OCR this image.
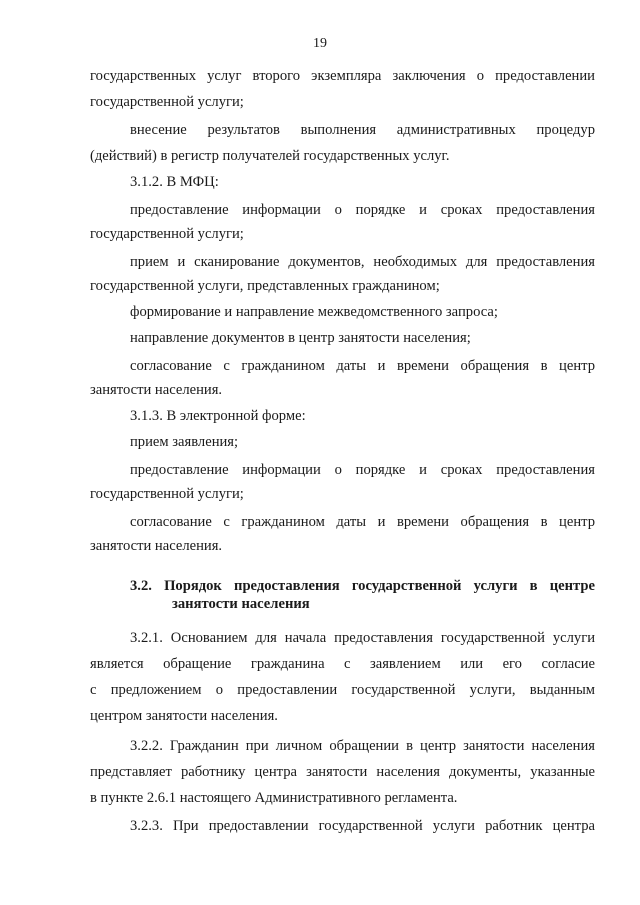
19
государственных услуг второго экземпляра заключения о предоставлении
государственной услуги;
внесение результатов выполнения административных процедур
(действий) в регистр получателей государственных услуг.
3.1.2. В МФЦ:
предоставление информации о порядке и сроках предоставления
государственной услуги;
прием и сканирование документов, необходимых для предоставления
государственной услуги, представленных гражданином;
формирование и направление межведомственного запроса;
направление документов в центр занятости населения;
согласование с гражданином даты и времени обращения в центр
занятости населения.
3.1.3. В электронной форме:
прием заявления;
предоставление информации о порядке и сроках предоставления
государственной услуги;
согласование с гражданином даты и времени обращения в центр
занятости населения.
3.2. Порядок предоставления государственной услуги в центре
занятости населения
3.2.1. Основанием для начала предоставления государственной услуги
является обращение гражданина с заявлением или его согласие
с предложением о предоставлении государственной услуги, выданным
центром занятости населения.
3.2.2. Гражданин при личном обращении в центр занятости населения
представляет работнику центра занятости населения документы, указанные
в пункте 2.6.1 настоящего Административного регламента.
3.2.3. При предоставлении государственной услуги работник центра
